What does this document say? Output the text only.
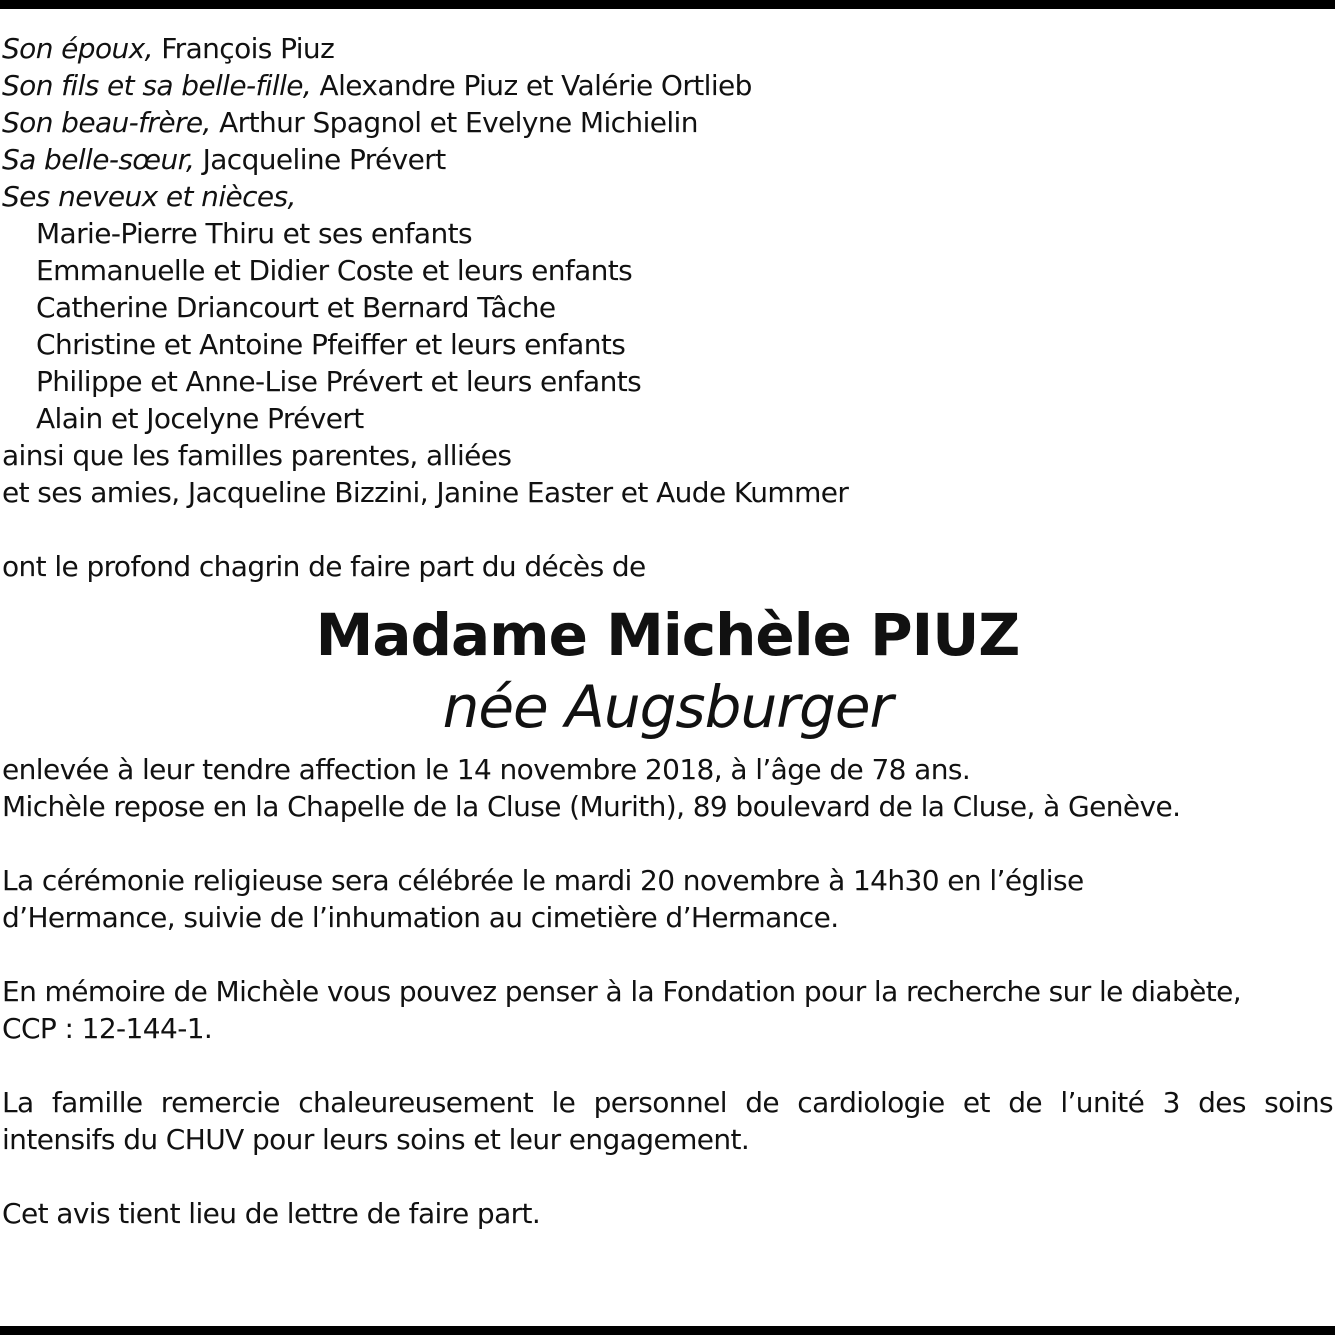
Son époux, François Piuz
Son fils et sa belle-fille, Alexandre Piuz et Valérie Ortlieb
Son beau-frère, Arthur Spagnol et Evelyne Michielin
Sa belle-sœur, Jacqueline Prévert
Ses neveux et nièces,
Marie-Pierre Thiru et ses enfants
Emmanuelle et Didier Coste et leurs enfants
Catherine Driancourt et Bernard Tâche
Christine et Antoine Pfeiffer et leurs enfants
Philippe et Anne-Lise Prévert et leurs enfants
Alain et Jocelyne Prévert
ainsi que les familles parentes, alliées
et ses amies, Jacqueline Bizzini, Janine Easter et Aude Kummer
ont le profond chagrin de faire part du décès de
Madame Michèle PIUZ
née Augsburger
enlevée à leur tendre affection le 14 novembre 2018, à l’âge de 78 ans.
Michèle repose en la Chapelle de la Cluse (Murith), 89 boulevard de la Cluse, à Genève.
La cérémonie religieuse sera célébrée le mardi 20 novembre à 14h30 en l’église
d’Hermance, suivie de l’inhumation au cimetière d’Hermance.
En mémoire de Michèle vous pouvez penser à la Fondation pour la recherche sur le diabète,
CCP : 12-144-1.
La famille remercie chaleureusement le personnel de cardiologie et de l’unité 3 des soins
intensifs du CHUV pour leurs soins et leur engagement.
Cet avis tient lieu de lettre de faire part.
